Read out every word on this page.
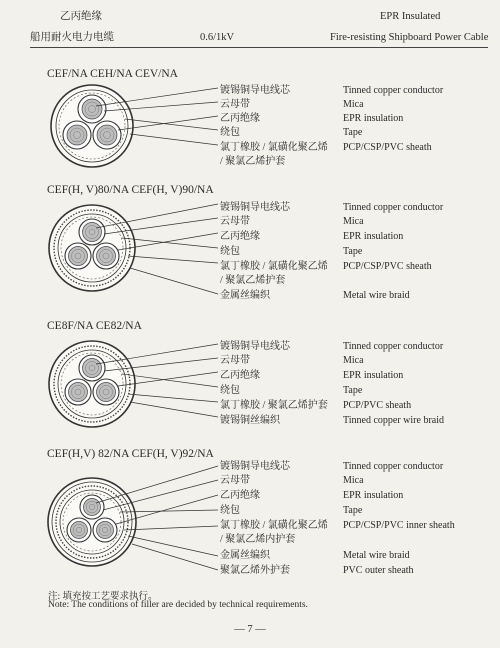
乙丙绝缘
船用耐火电力电缆	0.6/1kV
EPR Insulated
Fire-resisting Shipboard Power Cable
CEF/NA CEH/NA CEV/NA
镀锡铜导电线芯
云母带
乙丙绝缘
绕包
氯丁橡胶 / 氯磺化聚乙烯
/ 聚氯乙烯护套
Tinned copper conductor
Mica
EPR insulation
Tape
PCP/CSP/PVC sheath
CEF(H, V)80/NA CEF(H, V)90/NA
镀锡铜导电线芯
云母带
乙丙绝缘
绕包
氯丁橡胶 / 氯磺化聚乙烯
/ 聚氯乙烯护套
金属丝编织
Tinned copper conductor
Mica
EPR insulation
Tape
PCP/CSP/PVC sheath
Metal wire braid
CE8F/NA CE82/NA
镀锡铜导电线芯
云母带
乙丙绝缘
绕包
氯丁橡胶 / 聚氯乙烯护套
镀锡铜丝编织
Tinned copper conductor
Mica
EPR insulation
Tape
PCP/PVC sheath
Tinned copper wire braid
CEF(H,V) 82/NA CEF(H, V)92/NA
镀锡铜导电线芯
云母带
乙丙绝缘
绕包
氯丁橡胶 / 氯磺化聚乙烯
/ 聚氯乙烯内护套
金属丝编织
聚氯乙烯外护套
Tinned copper conductor
Mica
EPR insulation
Tape
PCP/CSP/PVC inner sheath
Metal wire braid
PVC outer sheath
注: 填充按工艺要求执行。
Note: The conditions of filler are decided by technical requirements.
— 7 —
